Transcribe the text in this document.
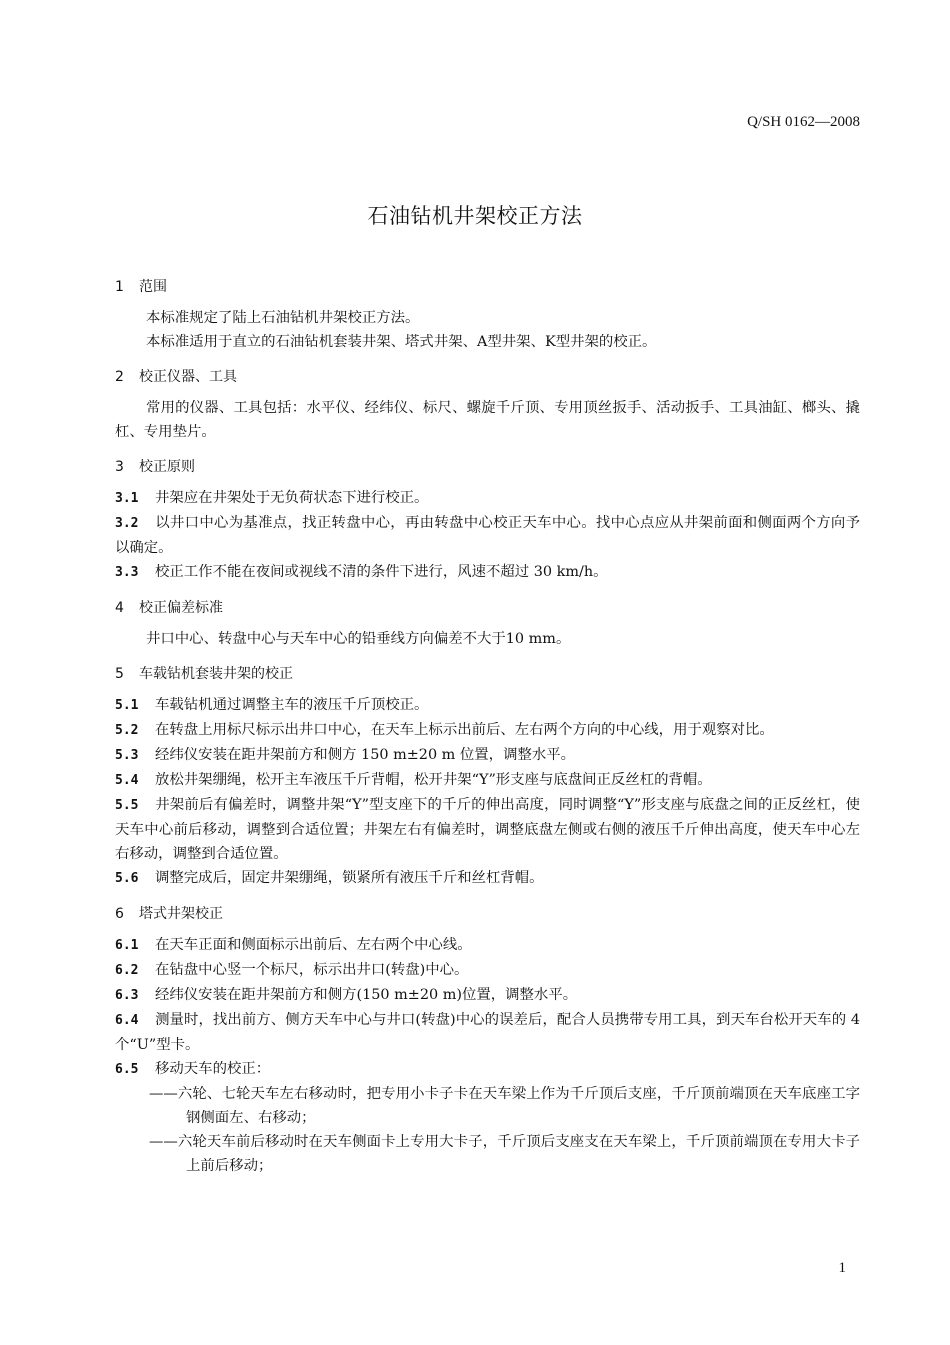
Q/SH 0162—2008
石油钻机井架校正方法
1 范围

本标准规定了陆上石油钻机井架校正方法。

本标准适用于直立的石油钻机套装井架、塔式井架、A型井架、K型井架的校正。

2 校正仪器、工具

常用的仪器、工具包括：水平仪、经纬仪、标尺、螺旋千斤顶、专用顶丝扳手、活动扳手、工具油缸、榔头、撬杠、专用垫片。

3 校正原则

3.1 井架应在井架处于无负荷状态下进行校正。

3.2 以井口中心为基准点，找正转盘中心，再由转盘中心校正天车中心。找中心点应从井架前面和侧面两个方向予以确定。

3.3 校正工作不能在夜间或视线不清的条件下进行，风速不超过 30 km/h。

4 校正偏差标准

井口中心、转盘中心与天车中心的铅垂线方向偏差不大于10 mm。

5 车载钻机套装井架的校正

5.1 车载钻机通过调整主车的液压千斤顶校正。

5.2 在转盘上用标尺标示出井口中心，在天车上标示出前后、左右两个方向的中心线，用于观察对比。

5.3 经纬仪安装在距井架前方和侧方 150 m±20 m 位置，调整水平。

5.4 放松井架绷绳，松开主车液压千斤背帽，松开井架“Y”形支座与底盘间正反丝杠的背帽。

5.5 井架前后有偏差时，调整井架“Y”型支座下的千斤的伸出高度，同时调整“Y”形支座与底盘之间的正反丝杠，使天车中心前后移动，调整到合适位置；井架左右有偏差时，调整底盘左侧或右侧的液压千斤伸出高度，使天车中心左右移动，调整到合适位置。

5.6 调整完成后，固定井架绷绳，锁紧所有液压千斤和丝杠背帽。

6 塔式井架校正

6.1 在天车正面和侧面标示出前后、左右两个中心线。

6.2 在钻盘中心竖一个标尺，标示出井口(转盘)中心。

6.3 经纬仪安装在距井架前方和侧方(150 m±20 m)位置，调整水平。

6.4 测量时，找出前方、侧方天车中心与井口(转盘)中心的误差后，配合人员携带专用工具，到天车台松开天车的 4 个“U”型卡。

6.5 移动天车的校正：

——六轮、七轮天车左右移动时，把专用小卡子卡在天车梁上作为千斤顶后支座，千斤顶前端顶在天车底座工字钢侧面左、右移动；

——六轮天车前后移动时在天车侧面卡上专用大卡子，千斤顶后支座支在天车梁上，千斤顶前端顶在专用大卡子上前后移动；

1
